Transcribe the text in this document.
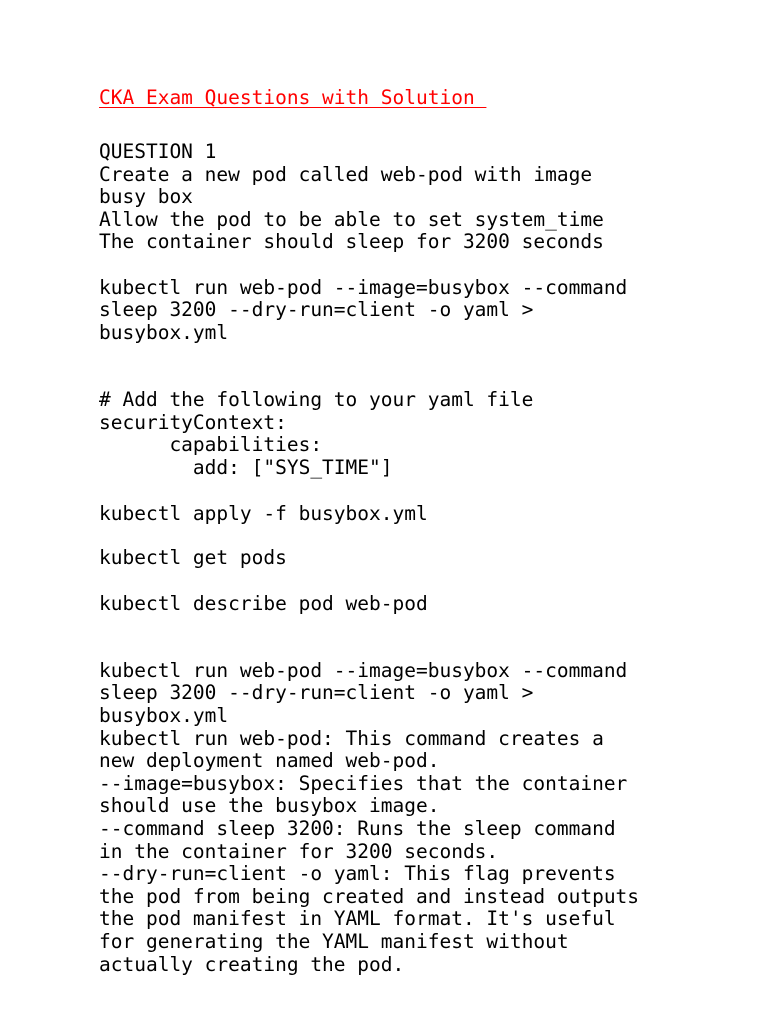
CKA Exam Questions with Solution
QUESTION 1
Create a new pod called web-pod with image
busy box
Allow the pod to be able to set system_time
The container should sleep for 3200 seconds
kubectl run web-pod --image=busybox --command
sleep 3200 --dry-run=client -o yaml >
busybox.yml
# Add the following to your yaml file
securityContext:
capabilities:
add: ["SYS_TIME"]
kubectl apply -f busybox.yml
kubectl get pods
kubectl describe pod web-pod
kubectl run web-pod --image=busybox --command
sleep 3200 --dry-run=client -o yaml >
busybox.yml
kubectl run web-pod: This command creates a
new deployment named web-pod.
--image=busybox: Specifies that the container
should use the busybox image.
--command sleep 3200: Runs the sleep command
in the container for 3200 seconds.
--dry-run=client -o yaml: This flag prevents
the pod from being created and instead outputs
the pod manifest in YAML format. It's useful
for generating the YAML manifest without
actually creating the pod.
